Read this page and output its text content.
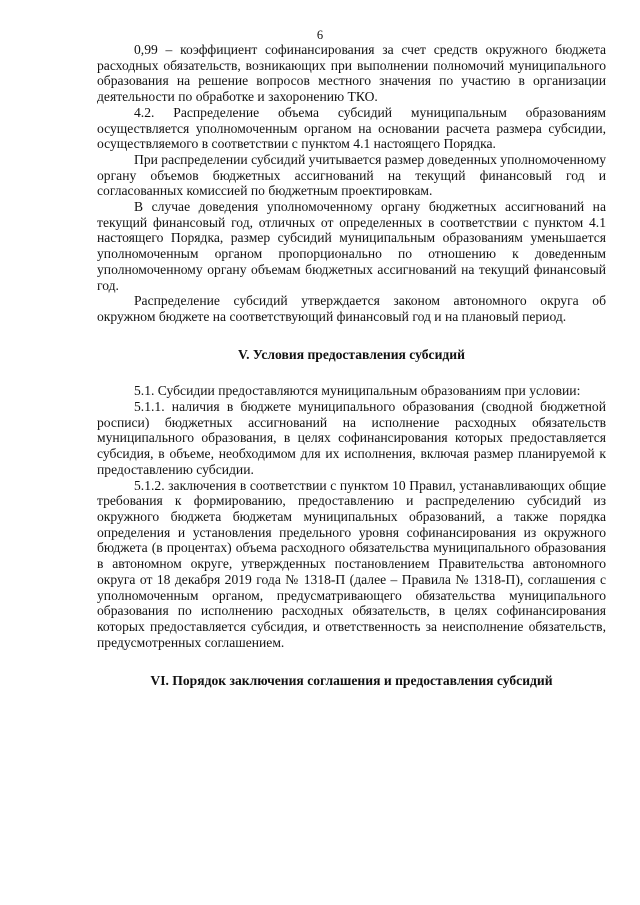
6

0,99 – коэффициент софинансирования за счет средств окружного бюджета расходных обязательств, возникающих при выполнении полномочий муниципального образования на решение вопросов местного значения по участию в организации деятельности по обработке и захоронению ТКО.

4.2. Распределение объема субсидий муниципальным образованиям осуществляется уполномоченным органом на основании расчета размера субсидии, осуществляемого в соответствии с пунктом 4.1 настоящего Порядка.

При распределении субсидий учитывается размер доведенных уполномоченному органу объемов бюджетных ассигнований на текущий финансовый год и согласованных комиссией по бюджетным проектировкам.

В случае доведения уполномоченному органу бюджетных ассигнований на текущий финансовый год, отличных от определенных в соответствии с пунктом 4.1 настоящего Порядка, размер субсидий муниципальным образованиям уменьшается уполномоченным органом пропорционально по отношению к доведенным уполномоченному органу объемам бюджетных ассигнований на текущий финансовый год.

Распределение субсидий утверждается законом автономного округа об окружном бюджете на соответствующий финансовый год и на плановый период.

V. Условия предоставления субсидий

5.1. Субсидии предоставляются муниципальным образованиям при условии:

5.1.1. наличия в бюджете муниципального образования (сводной бюджетной росписи) бюджетных ассигнований на исполнение расходных обязательств муниципального образования, в целях софинансирования которых предоставляется субсидия, в объеме, необходимом для их исполнения, включая размер планируемой к предоставлению субсидии.

5.1.2. заключения в соответствии с пунктом 10 Правил, устанавливающих общие требования к формированию, предоставлению и распределению субсидий из окружного бюджета бюджетам муниципальных образований, а также порядка определения и установления предельного уровня софинансирования из окружного бюджета (в процентах) объема расходного обязательства муниципального образования в автономном округе, утвержденных постановлением Правительства автономного округа от 18 декабря 2019 года № 1318-П (далее – Правила № 1318-П), соглашения с уполномоченным органом, предусматривающего обязательства муниципального образования по исполнению расходных обязательств, в целях софинансирования которых предоставляется субсидия, и ответственность за неисполнение обязательств, предусмотренных соглашением.

VI. Порядок заключения соглашения и предоставления субсидий
